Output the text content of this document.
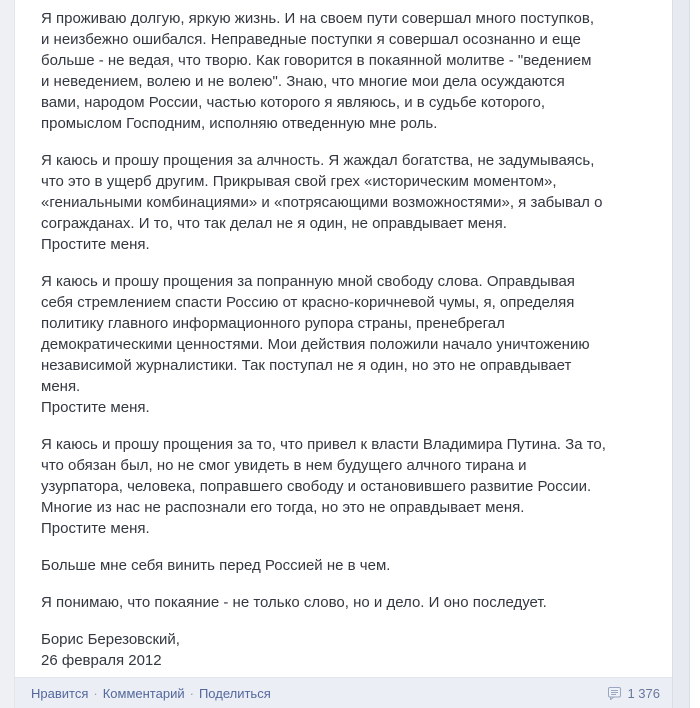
Я проживаю долгую, яркую жизнь. И на своем пути совершал много поступков,
и неизбежно ошибался. Неправедные поступки я совершал осознанно и еще
больше - не ведая, что творю. Как говорится в покаянной молитве - "ведением
и неведением, волею и не волею". Знаю, что многие мои дела осуждаются
вами, народом России, частью которого я являюсь, и в судьбе которого,
промыслом Господним, исполняю отведенную мне роль.
Я каюсь и прошу прощения за алчность. Я жаждал богатства, не задумываясь,
что это в ущерб другим. Прикрывая свой грех «историческим моментом»,
«гениальными комбинациями» и «потрясающими возможностями», я забывал о
согражданах. И то, что так делал не я один, не оправдывает меня.
Простите меня.
Я каюсь и прошу прощения за попранную мной свободу слова. Оправдывая
себя стремлением спасти Россию от красно-коричневой чумы, я, определяя
политику главного информационного рупора страны, пренебрегал
демократическими ценностями. Мои действия положили начало уничтожению
независимой журналистики. Так поступал не я один, но это не оправдывает
меня.
Простите меня.
Я каюсь и прошу прощения за то, что привел к власти Владимира Путина. За то,
что обязан был, но не смог увидеть в нем будущего алчного тирана и
узурпатора, человека, поправшего свободу и остановившего развитие России.
Многие из нас не распознали его тогда, но это не оправдывает меня.
Простите меня.
Больше мне себя винить перед Россией не в чем.
Я понимаю, что покаяние - не только слово, но и дело. И оно последует.
Борис Березовский,
26 февраля 2012
Нравится · Комментарий · Поделиться	1 376
